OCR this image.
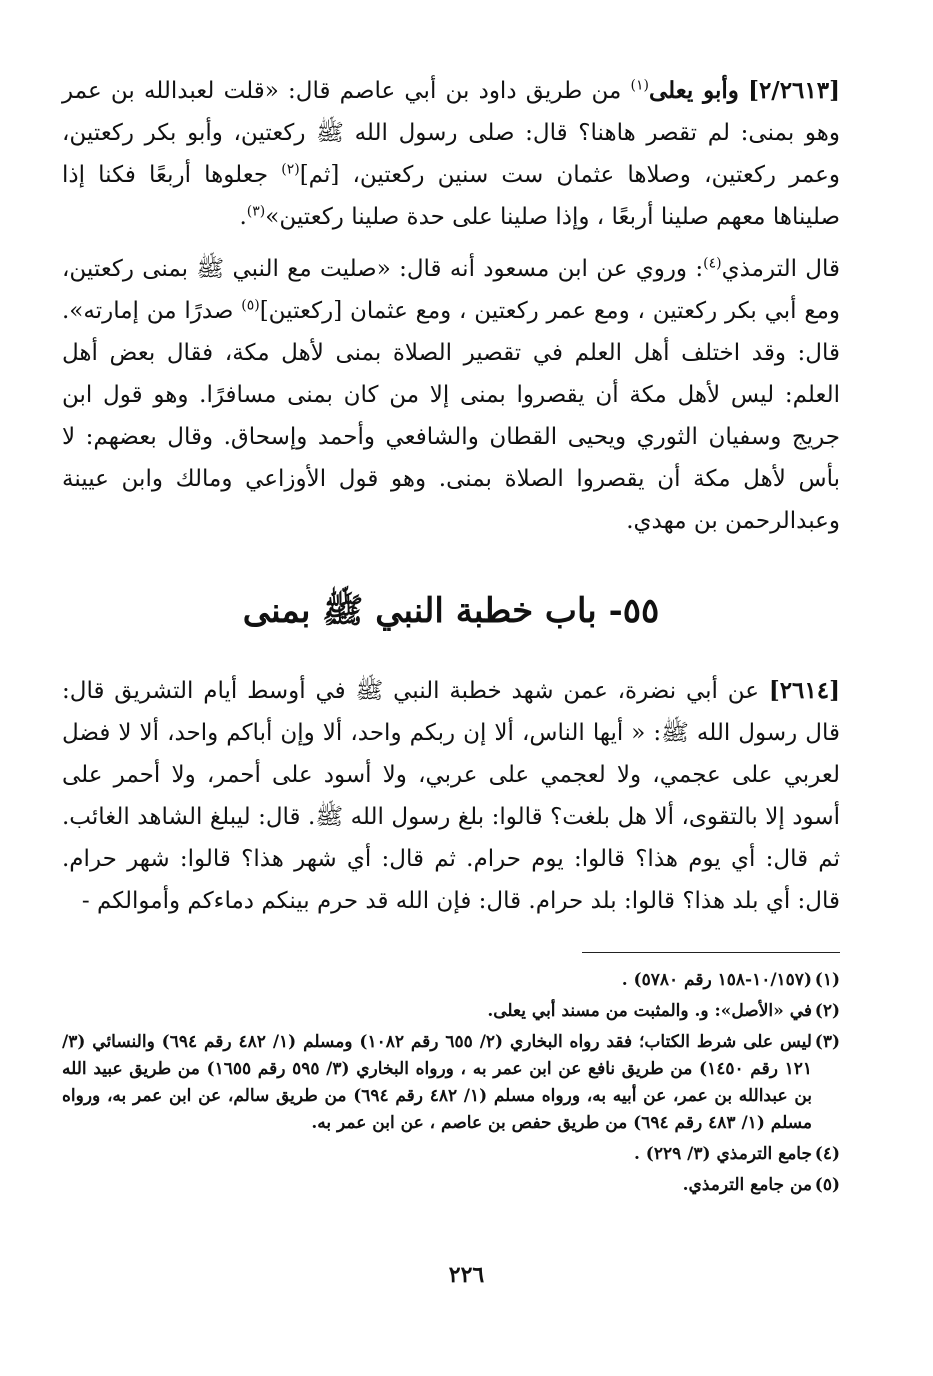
[٢/٢٦١٣] وأبو يعلى$^{(١)}$ من طريق داود بن أبي عاصم قال: «قلت لعبدالله بن عمر وهو بمنى: لم تقصر هاهنا؟ قال: صلى رسول الله ﷺ ركعتين، وأبو بكر ركعتين، وعمر ركعتين، وصلاها عثمان ست سنين ركعتين، [ثم]$^{(٢)}$ جعلوها أربعًا فكنا إذا صليناها معهم صلينا أربعًا ، وإذا صلينا على حدة صلينا ركعتين»$^{(٣)}$.

قال الترمذي$^{(٤)}$: وروي عن ابن مسعود أنه قال: «صليت مع النبي ﷺ بمنى ركعتين، ومع أبي بكر ركعتين ، ومع عمر ركعتين ، ومع عثمان [ركعتين]$^{(٥)}$ صدرًا من إمارته». قال: وقد اختلف أهل العلم في تقصير الصلاة بمنى لأهل مكة، فقال بعض أهل العلم: ليس لأهل مكة أن يقصروا بمنى إلا من كان بمنى مسافرًا. وهو قول ابن جريج وسفيان الثوري ويحيى القطان والشافعي وأحمد وإسحاق. وقال بعضهم: لا بأس لأهل مكة أن يقصروا الصلاة بمنى. وهو قول الأوزاعي ومالك وابن عيينة وعبدالرحمن بن مهدي.

٥٥- باب خطبة النبي ﷺ بمنى

[٢٦١٤] عن أبي نضرة، عمن شهد خطبة النبي ﷺ في أوسط أيام التشريق قال: قال رسول الله ﷺ: « أيها الناس، ألا إن ربكم واحد، ألا وإن أباكم واحد، ألا لا فضل لعربي على عجمي، ولا لعجمي على عربي، ولا أسود على أحمر، ولا أحمر على أسود إلا بالتقوى، ألا هل بلغت؟ قالوا: بلغ رسول الله ﷺ. قال: ليبلغ الشاهد الغائب. ثم قال: أي يوم هذا؟ قالوا: يوم حرام. ثم قال: أي شهر هذا؟ قالوا: شهر حرام. قال: أي بلد هذا؟ قالوا: بلد حرام. قال: فإن الله قد حرم بينكم دماءكم وأموالكم -

(١)
(١٠/١٥٧-١٥٨ رقم ٥٧٨٠) .
(٢)
في «الأصل»: و. والمثبت من مسند أبي يعلى.
(٣)
ليس على شرط الكتاب؛ فقد رواه البخاري (٢/ ٦٥٥ رقم ١٠٨٢) ومسلم (١/ ٤٨٢ رقم ٦٩٤) والنسائي (٣/ ١٢١ رقم ١٤٥٠) من طريق نافع عن ابن عمر به ، ورواه البخاري (٣/ ٥٩٥ رقم ١٦٥٥) من طريق عبيد الله بن عبدالله بن عمر، عن أبيه به، ورواه مسلم (١/ ٤٨٢ رقم ٦٩٤) من طريق سالم، عن ابن عمر به، ورواه مسلم (١/ ٤٨٣ رقم ٦٩٤) من طريق حفص بن عاصم ، عن ابن عمر به.
(٤)
جامع الترمذي (٣/ ٢٢٩) .
(٥)
من جامع الترمذي.
٢٢٦
